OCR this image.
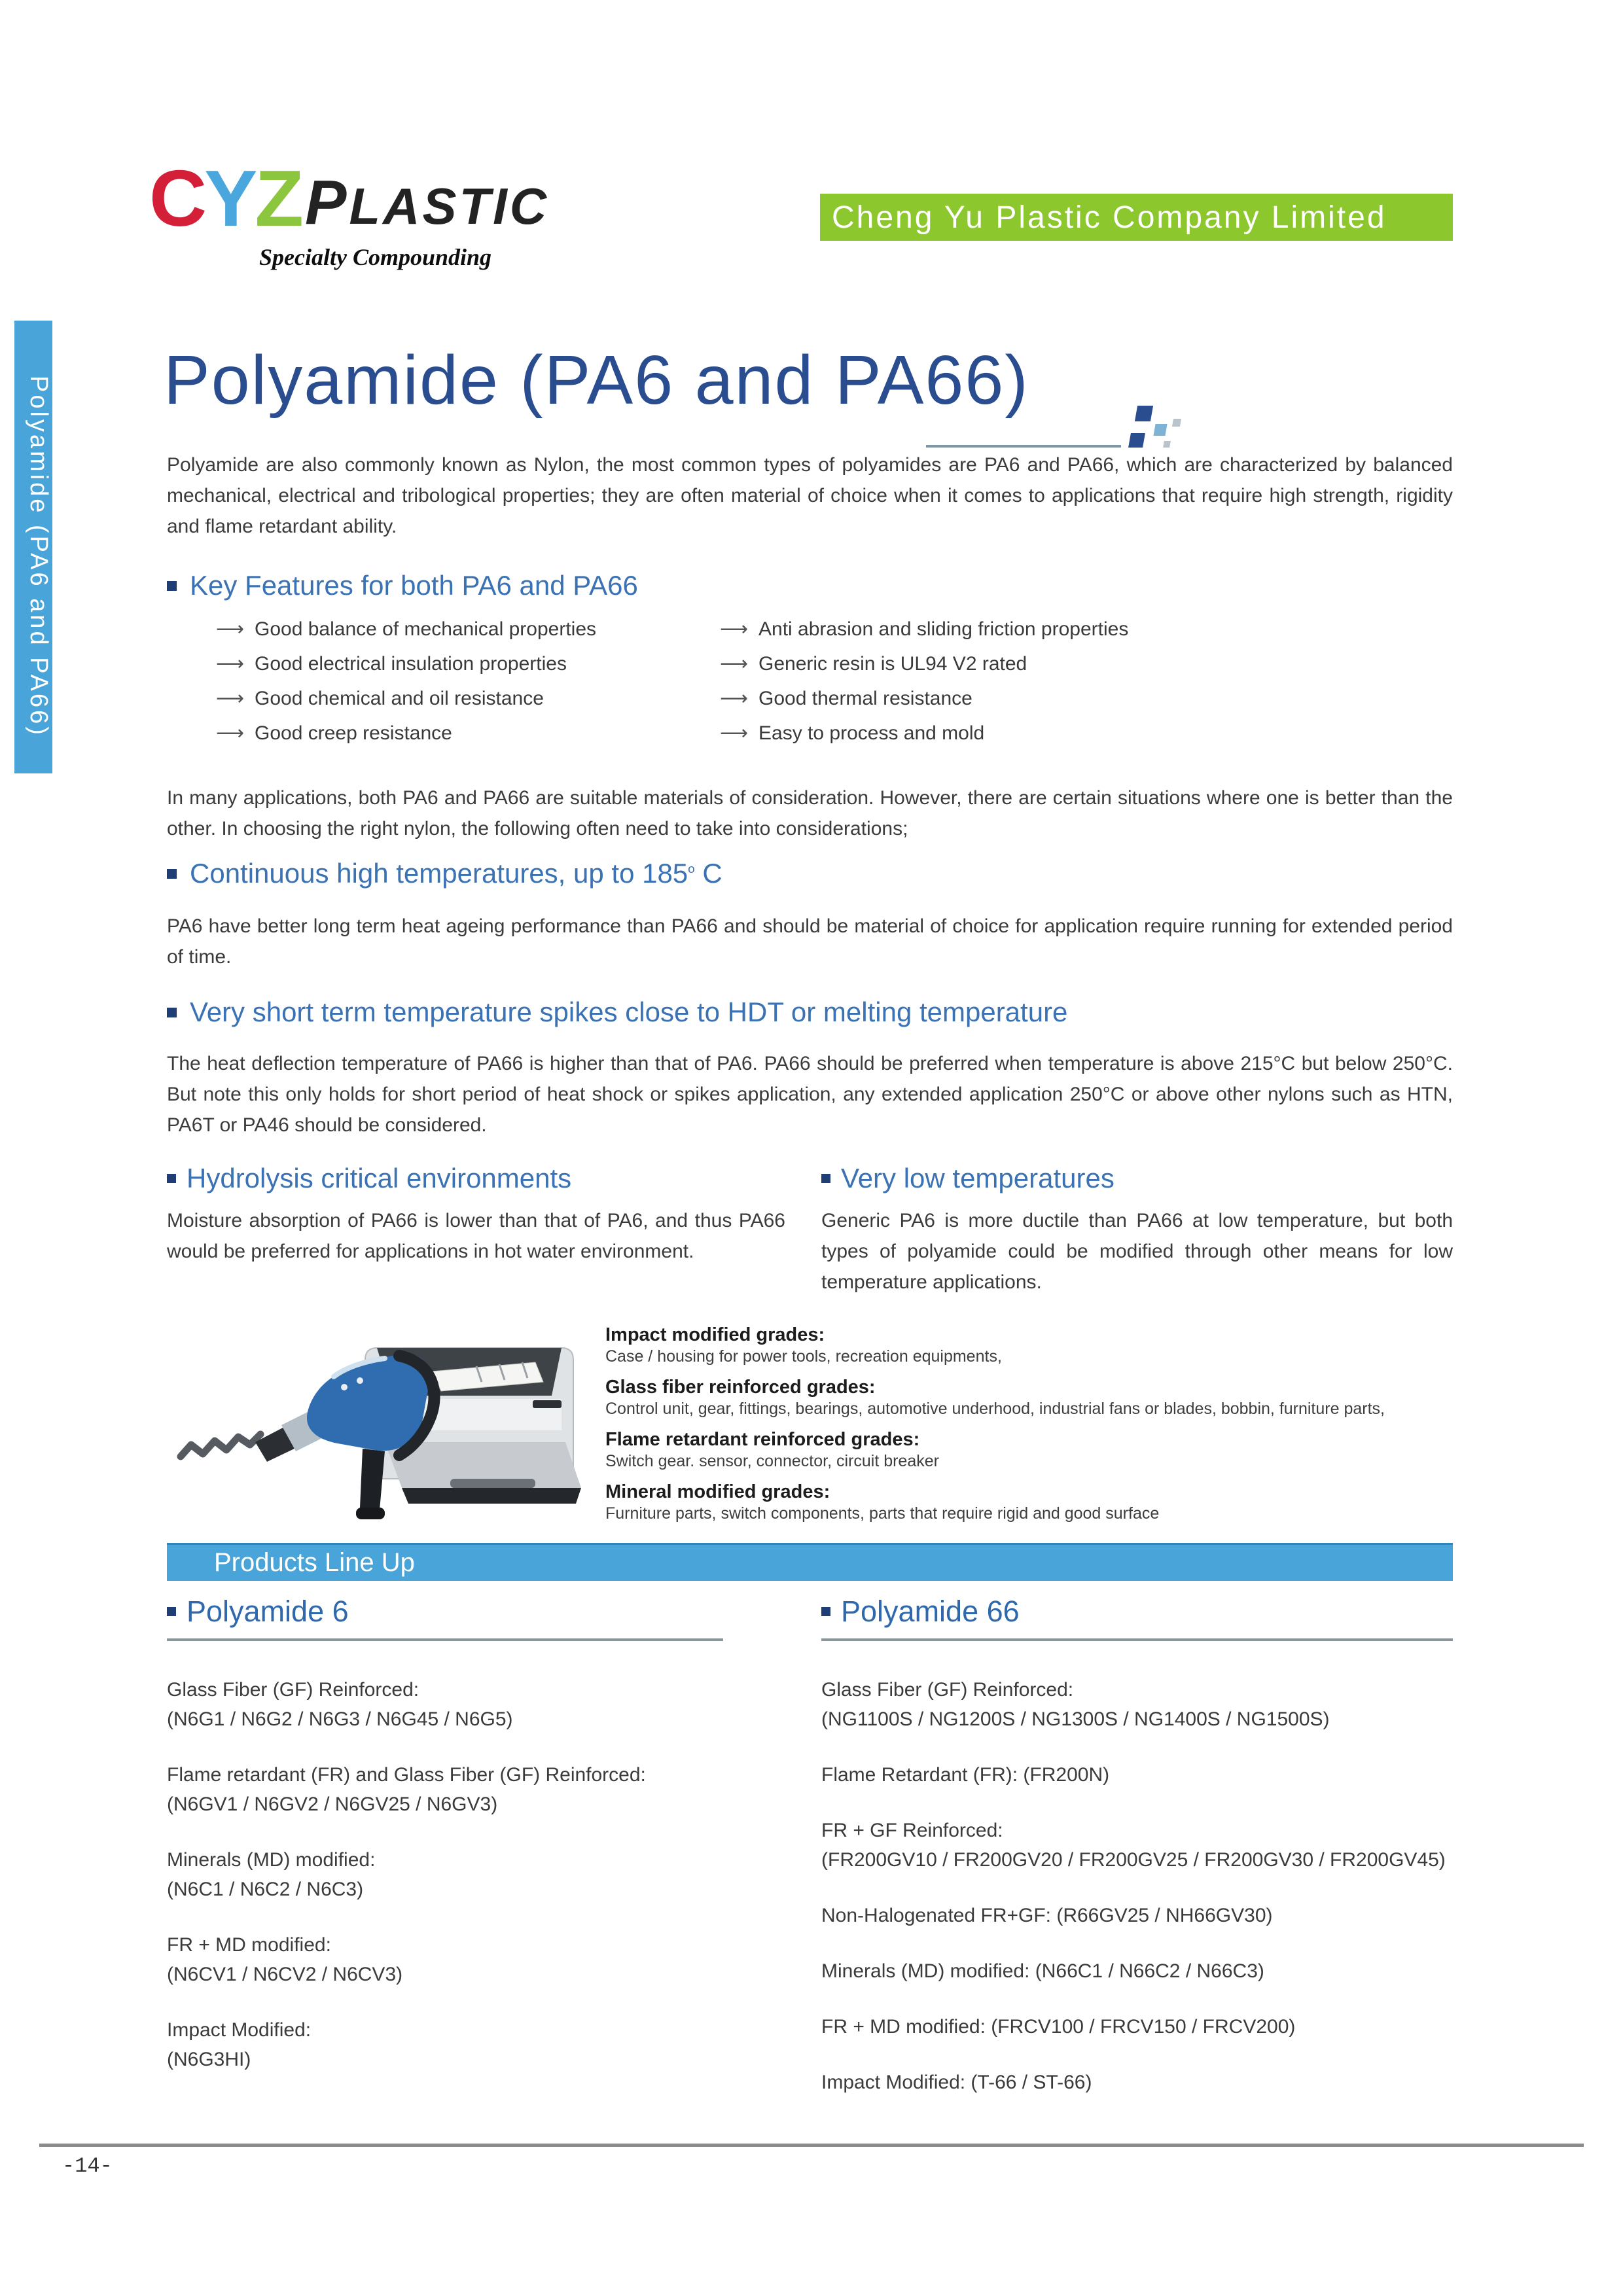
C Y Z PLASTIC
Specialty Compounding
Cheng Yu Plastic Company Limited
Polyamide (PA6 and PA66) Polyamide (PA6 and PA66)

Polyamide are also commonly known as Nylon, the most common types of polyamides are PA6 and PA66, which are characterized by balanced mechanical, electrical and tribological properties; they are often material of choice when it comes to applications that require high strength, rigidity and flame retardant ability.

Key Features for both PA6 and PA66
⟶ Good balance of mechanical properties
⟶ Good electrical insulation properties
⟶ Good chemical and oil resistance
⟶ Good creep resistance
⟶ Anti abrasion and sliding friction properties
⟶ Generic resin is UL94 V2 rated
⟶ Good thermal resistance
⟶ Easy to process and mold

In many applications, both PA6 and PA66 are suitable materials of consideration. However, there are certain situations where one is better than the other. In choosing the right nylon, the following often need to take into considerations;

Continuous high temperatures, up to 185$^o$ C

PA6 have better long term heat ageing performance than PA66 and should be material of choice for application require running for extended period of time.

Very short term temperature spikes close to HDT or melting temperature

The heat deflection temperature of PA66 is higher than that of PA6. PA66 should be preferred when temperature is above 215°C but below 250°C. But note this only holds for short period of heat shock or spikes application, any extended application 250°C or above other nylons such as HTN, PA6T or PA46 should be considered.

Hydrolysis critical environments

Moisture absorption of PA66 is lower than that of PA6, and thus PA66 would be preferred for applications in hot water environment.

Very low temperatures

Generic PA6 is more ductile than PA66 at low temperature, but both types of polyamide could be modified through other means for low temperature applications.

Impact modified grades:
Case / housing for power tools, recreation equipments,
Glass fiber reinforced grades:
Control unit, gear, fittings, bearings, automotive underhood, industrial fans or blades, bobbin, furniture parts,
Flame retardant reinforced grades:
Switch gear. sensor, connector, circuit breaker
Mineral modified grades:
Furniture parts, switch components, parts that require rigid and good surface
Products Line Up
Polyamide 6
Glass Fiber (GF) Reinforced:
(N6G1 / N6G2 / N6G3 / N6G45 / N6G5)
Flame retardant (FR) and Glass Fiber (GF) Reinforced:
(N6GV1 / N6GV2 / N6GV25 / N6GV3)
Minerals (MD) modified:
(N6C1 / N6C2 / N6C3)
FR + MD modified:
(N6CV1 / N6CV2 / N6CV3)
Impact Modified:
(N6G3HI)
Polyamide 66
Glass Fiber (GF) Reinforced:
(NG1100S / NG1200S / NG1300S / NG1400S / NG1500S)
Flame Retardant (FR): (FR200N)
FR + GF Reinforced:
(FR200GV10 / FR200GV20 / FR200GV25 / FR200GV30 / FR200GV45)
Non-Halogenated FR+GF: (R66GV25 / NH66GV30)
Minerals (MD) modified: (N66C1 / N66C2 / N66C3)
FR + MD modified: (FRCV100 / FRCV150 / FRCV200)
Impact Modified: (T-66 / ST-66)
-14-
